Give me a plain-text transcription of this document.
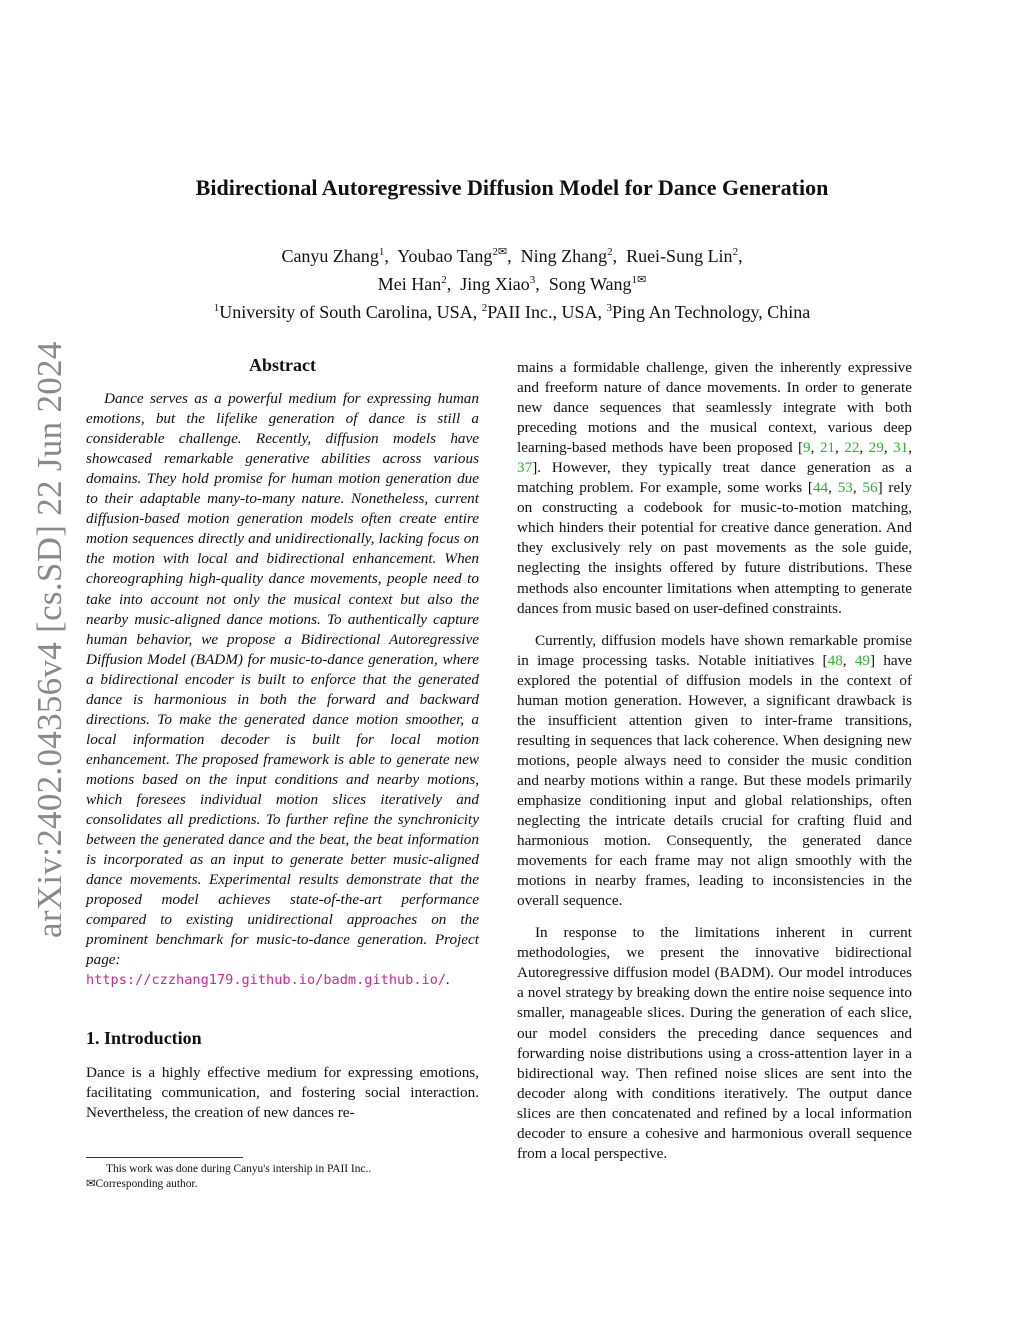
arXiv:2402.04356v4 [cs.SD] 22 Jun 2024
Bidirectional Autoregressive Diffusion Model for Dance Generation
Canyu Zhang$^1$,  Youbao Tang$^{2✉}$,  Ning Zhang$^2$,  Ruei-Sung Lin$^2$,
Mei Han$^2$,  Jing Xiao$^3$,  Song Wang$^{1✉}$
$^1$University of South Carolina, USA, $^2$PAII Inc., USA, $^3$Ping An Technology, China
Abstract

Dance serves as a powerful medium for expressing human emotions, but the lifelike generation of dance is still a considerable challenge. Recently, diffusion models have showcased remarkable generative abilities across various domains. They hold promise for human motion generation due to their adaptable many-to-many nature. Nonetheless, current diffusion-based motion generation models often create entire motion sequences directly and unidirectionally, lacking focus on the motion with local and bidirectional enhancement. When choreographing high-quality dance movements, people need to take into account not only the musical context but also the nearby music-aligned dance motions. To authentically capture human behavior, we propose a Bidirectional Autoregressive Diffusion Model (BADM) for music-to-dance generation, where a bidirectional encoder is built to enforce that the generated dance is harmonious in both the forward and backward directions. To make the generated dance motion smoother, a local information decoder is built for local motion enhancement. The proposed framework is able to generate new motions based on the input conditions and nearby motions, which foresees individual motion slices iteratively and consolidates all predictions. To further refine the synchronicity between the generated dance and the beat, the beat information is incorporated as an input to generate better music-aligned dance movements. Experimental results demonstrate that the proposed model achieves state-of-the-art performance compared to existing unidirectional approaches on the prominent benchmark for music-to-dance generation. Project page: https://czzhang179.github.io/badm.github.io/.

1. Introduction

Dance is a highly effective medium for expressing emotions, facilitating communication, and fostering social interaction. Nevertheless, the creation of new dances re-

mains a formidable challenge, given the inherently expressive and freeform nature of dance movements. In order to generate new dance sequences that seamlessly integrate with both preceding motions and the musical context, various deep learning-based methods have been proposed [9, 21, 22, 29, 31, 37]. However, they typically treat dance generation as a matching problem. For example, some works [44, 53, 56] rely on constructing a codebook for music-to-motion matching, which hinders their potential for creative dance generation. And they exclusively rely on past movements as the sole guide, neglecting the insights offered by future distributions. These methods also encounter limitations when attempting to generate dances from music based on user-defined constraints.

Currently, diffusion models have shown remarkable promise in image processing tasks. Notable initiatives [48, 49] have explored the potential of diffusion models in the context of human motion generation. However, a significant drawback is the insufficient attention given to inter-frame transitions, resulting in sequences that lack coherence. When designing new motions, people always need to consider the music condition and nearby motions within a range. But these models primarily emphasize conditioning input and global relationships, often neglecting the intricate details crucial for crafting fluid and harmonious motion. Consequently, the generated dance movements for each frame may not align smoothly with the motions in nearby frames, leading to inconsistencies in the overall sequence.

In response to the limitations inherent in current methodologies, we present the innovative bidirectional Autoregressive diffusion model (BADM). Our model introduces a novel strategy by breaking down the entire noise sequence into smaller, manageable slices. During the generation of each slice, our model considers the preceding dance sequences and forwarding noise distributions using a cross-attention layer in a bidirectional way. Then refined noise slices are sent into the decoder along with conditions iteratively. The output dance slices are then concatenated and refined by a local information decoder to ensure a cohesive and harmonious overall sequence from a local perspective.

This work was done during Canyu's intership in PAII Inc..
✉Corresponding author.
